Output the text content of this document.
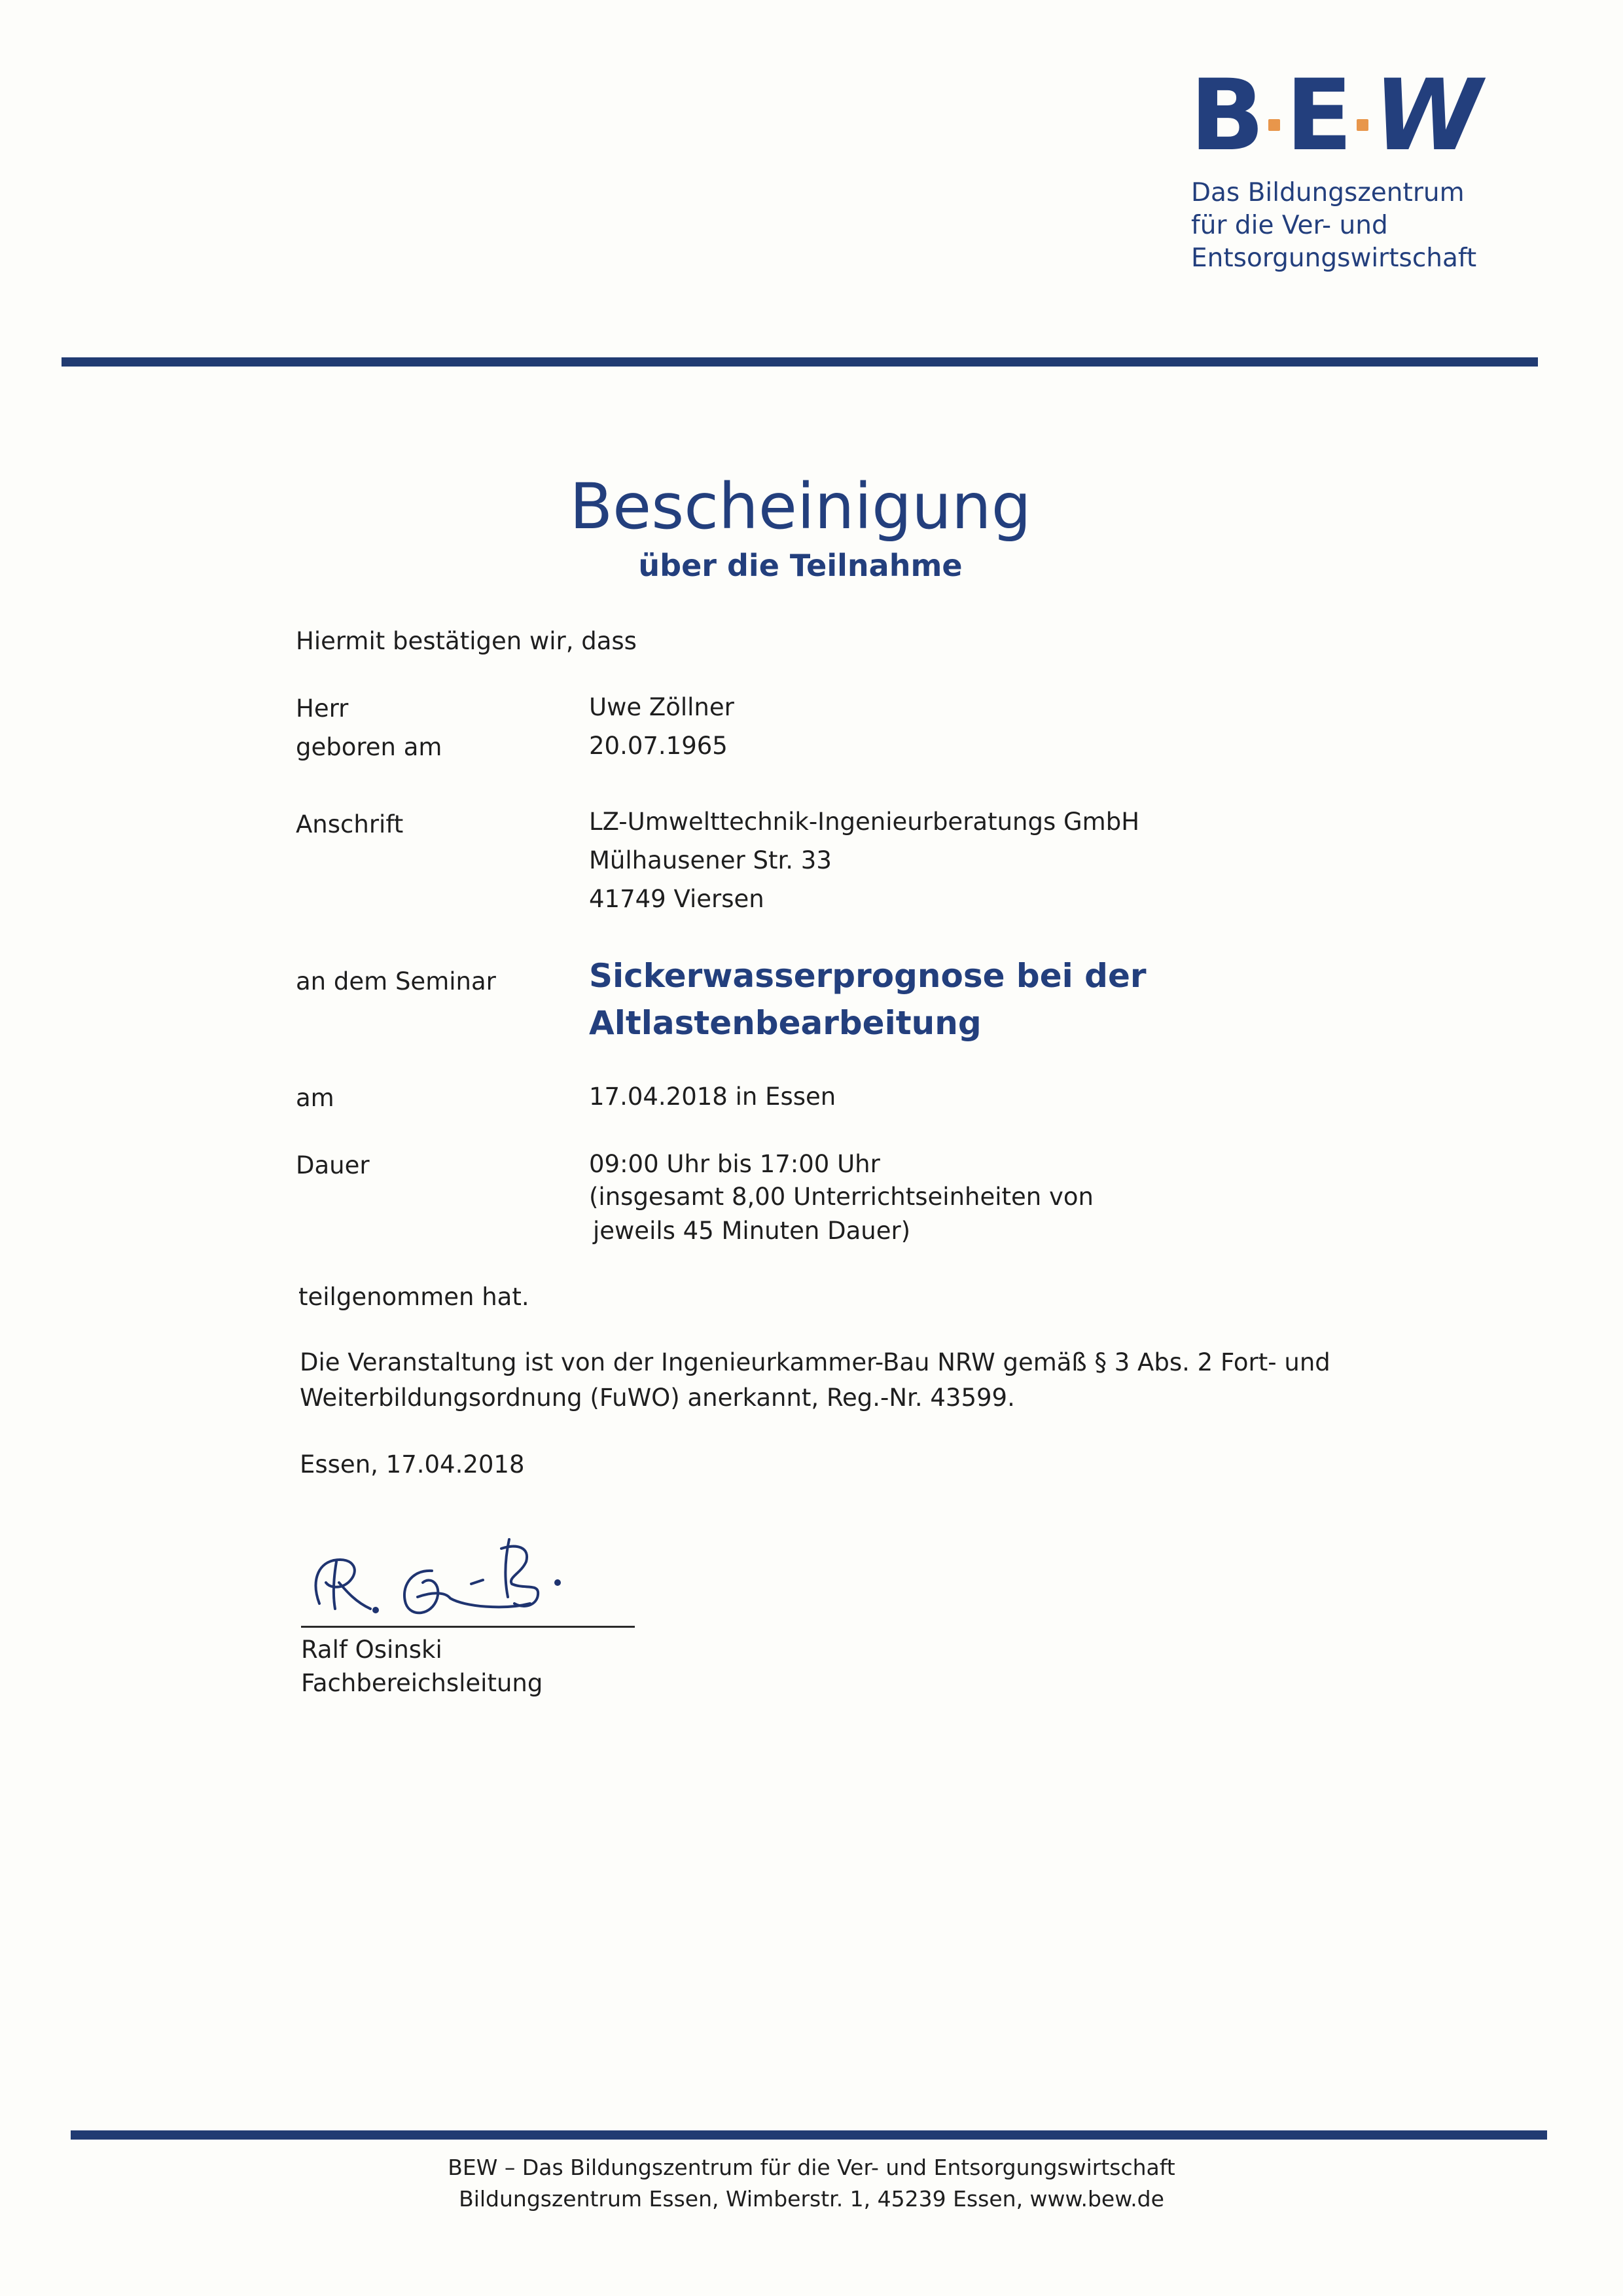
B E W
Das Bildungszentrum
für die Ver- und
Entsorgungswirtschaft
Bescheinigung
über die Teilnahme
Hiermit bestätigen wir, dass
Herr	Uwe Zöllner
geboren am	20.07.1965
Anschrift	LZ-Umwelttechnik-Ingenieurberatungs GmbH
Mülhausener Str. 33
41749 Viersen
an dem Seminar	Sickerwasserprognose bei der
Altlastenbearbeitung
am	17.04.2018 in Essen
Dauer	09:00 Uhr bis 17:00 Uhr
(insgesamt 8,00 Unterrichtseinheiten von
jeweils 45 Minuten Dauer)
teilgenommen hat.
Die Veranstaltung ist von der Ingenieurkammer-Bau NRW gemäß § 3 Abs. 2 Fort- und
Weiterbildungsordnung (FuWO) anerkannt, Reg.-Nr. 43599.
Essen, 17.04.2018
Ralf Osinski
Fachbereichsleitung
BEW – Das Bildungszentrum für die Ver- und Entsorgungswirtschaft
Bildungszentrum Essen, Wimberstr. 1, 45239 Essen, www.bew.de
